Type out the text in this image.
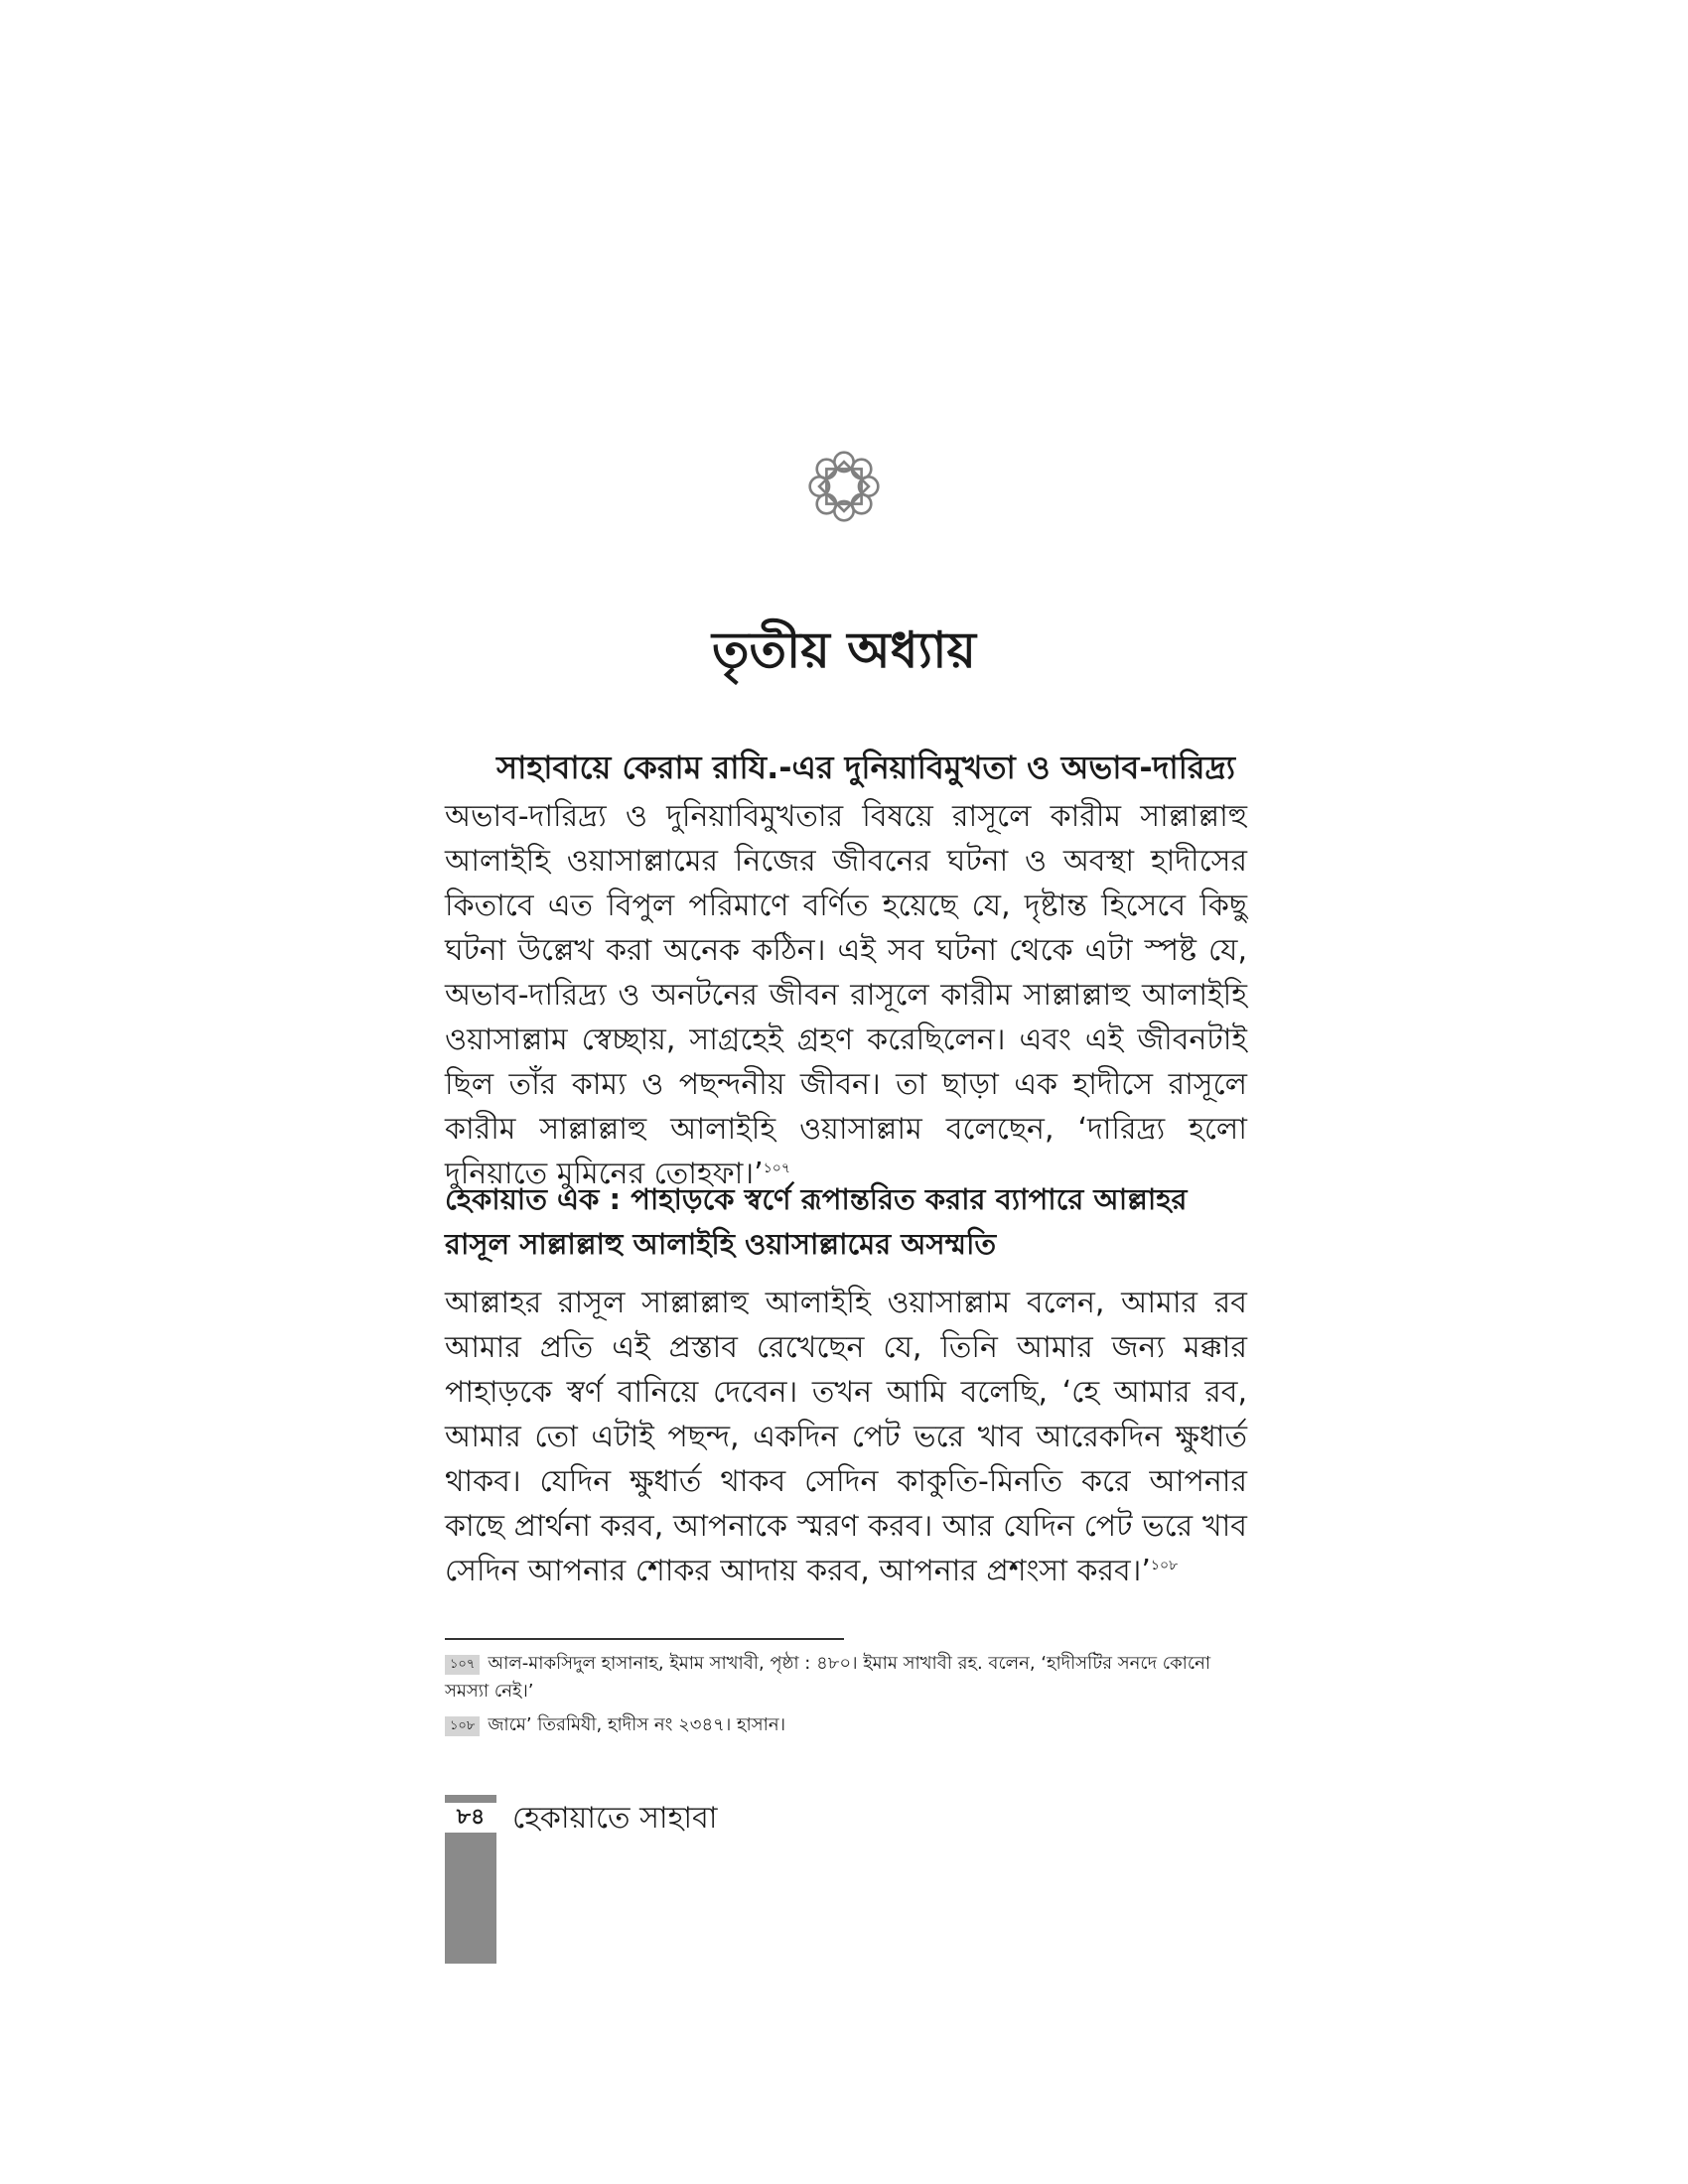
তৃতীয় অধ্যায়
সাহাবায়ে কেরাম রাযি.-এর দুনিয়াবিমুখতা ও অভাব-দারিদ্র্য

অভাব-দারিদ্র্য ও দুনিয়াবিমুখতার বিষয়ে রাসূলে কারীম সাল্লাল্লাহু আলাইহি ওয়াসাল্লামের নিজের জীবনের ঘটনা ও অবস্থা হাদীসের কিতাবে এত বিপুল পরিমাণে বর্ণিত হয়েছে যে, দৃষ্টান্ত হিসেবে কিছু ঘটনা উল্লেখ করা অনেক কঠিন। এই সব ঘটনা থেকে এটা স্পষ্ট যে, অভাব-দারিদ্র্য ও অনটনের জীবন রাসূলে কারীম সাল্লাল্লাহু আলাইহি ওয়াসাল্লাম স্বেচ্ছায়, সাগ্রহেই গ্রহণ করেছিলেন। এবং এই জীবনটাই ছিল তাঁর কাম্য ও পছন্দনীয় জীবন। তা ছাড়া এক হাদীসে রাসূলে কারীম সাল্লাল্লাহু আলাইহি ওয়াসাল্লাম বলেছেন, ‘দারিদ্র্য হলো দুনিয়াতে মুমিনের তোহফা।’$^{১০৭}$

হেকায়াত এক : পাহাড়কে স্বর্ণে রূপান্তরিত করার ব্যাপারে আল্লাহর রাসূল সাল্লাল্লাহু আলাইহি ওয়াসাল্লামের অসম্মতি

আল্লাহর রাসূল সাল্লাল্লাহু আলাইহি ওয়াসাল্লাম বলেন, আমার রব আমার প্রতি এই প্রস্তাব রেখেছেন যে, তিনি আমার জন্য মক্কার পাহাড়কে স্বর্ণ বানিয়ে দেবেন। তখন আমি বলেছি, ‘হে আমার রব, আমার তো এটাই পছন্দ, একদিন পেট ভরে খাব আরেকদিন ক্ষুধার্ত থাকব। যেদিন ক্ষুধার্ত থাকব সেদিন কাকুতি-মিনতি করে আপনার কাছে প্রার্থনা করব, আপনাকে স্মরণ করব। আর যেদিন পেট ভরে খাব সেদিন আপনার শোকর আদায় করব, আপনার প্রশংসা করব।’$^{১০৮}$

১০৭ আল-মাকসিদুল হাসানাহ, ইমাম সাখাবী, পৃষ্ঠা : ৪৮০। ইমাম সাখাবী রহ. বলেন, ‘হাদীসটির সনদে কোনো সমস্যা নেই।’

১০৮ জামে’ তিরমিযী, হাদীস নং ২৩৪৭। হাসান।

৮৪ হেকায়াতে সাহাবা
